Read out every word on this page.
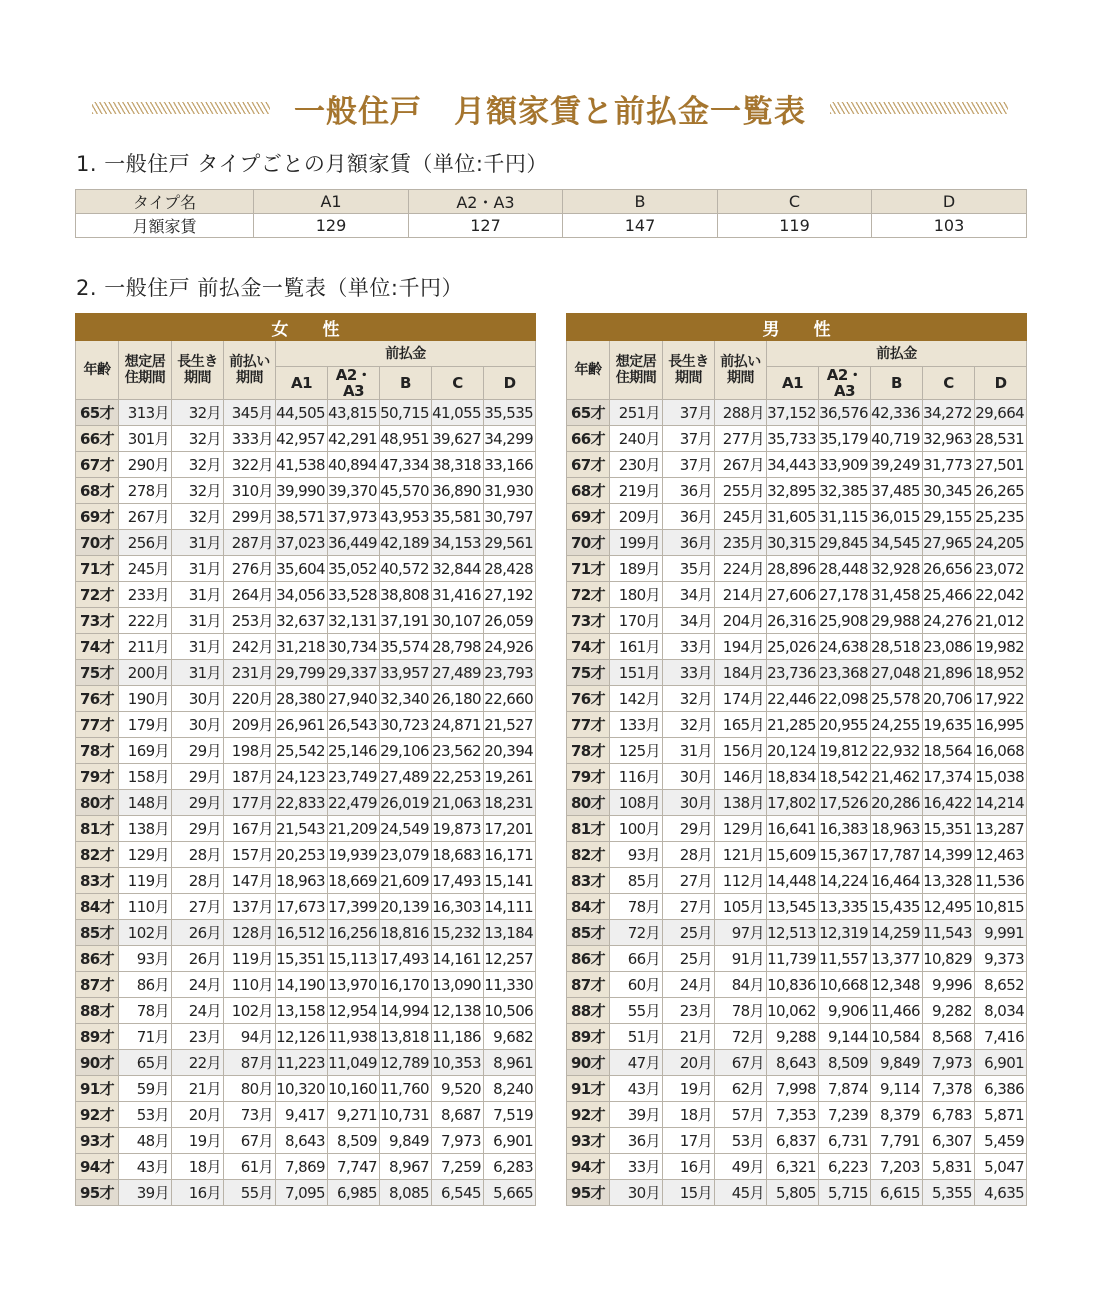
一般住戸　月額家賃と前払金一覧表
1. 一般住戸 タイプごとの月額家賃（単位:千円）
タイプ名	A1	A2・A3	B	C	D
月額家賃	129	127	147	119	103
2. 一般住戸 前払金一覧表（単位:千円）
女　　性								
年齢	想定居住期間	長生き期間	前払い期間	前払金				
				A1	A2・A3	B	C	D
65才	313月	32月	345月	44,505	43,815	50,715	41,055	35,535
66才	301月	32月	333月	42,957	42,291	48,951	39,627	34,299
67才	290月	32月	322月	41,538	40,894	47,334	38,318	33,166
68才	278月	32月	310月	39,990	39,370	45,570	36,890	31,930
69才	267月	32月	299月	38,571	37,973	43,953	35,581	30,797
70才	256月	31月	287月	37,023	36,449	42,189	34,153	29,561
71才	245月	31月	276月	35,604	35,052	40,572	32,844	28,428
72才	233月	31月	264月	34,056	33,528	38,808	31,416	27,192
73才	222月	31月	253月	32,637	32,131	37,191	30,107	26,059
74才	211月	31月	242月	31,218	30,734	35,574	28,798	24,926
75才	200月	31月	231月	29,799	29,337	33,957	27,489	23,793
76才	190月	30月	220月	28,380	27,940	32,340	26,180	22,660
77才	179月	30月	209月	26,961	26,543	30,723	24,871	21,527
78才	169月	29月	198月	25,542	25,146	29,106	23,562	20,394
79才	158月	29月	187月	24,123	23,749	27,489	22,253	19,261
80才	148月	29月	177月	22,833	22,479	26,019	21,063	18,231
81才	138月	29月	167月	21,543	21,209	24,549	19,873	17,201
82才	129月	28月	157月	20,253	19,939	23,079	18,683	16,171
83才	119月	28月	147月	18,963	18,669	21,609	17,493	15,141
84才	110月	27月	137月	17,673	17,399	20,139	16,303	14,111
85才	102月	26月	128月	16,512	16,256	18,816	15,232	13,184
86才	93月	26月	119月	15,351	15,113	17,493	14,161	12,257
87才	86月	24月	110月	14,190	13,970	16,170	13,090	11,330
88才	78月	24月	102月	13,158	12,954	14,994	12,138	10,506
89才	71月	23月	94月	12,126	11,938	13,818	11,186	9,682
90才	65月	22月	87月	11,223	11,049	12,789	10,353	8,961
91才	59月	21月	80月	10,320	10,160	11,760	9,520	8,240
92才	53月	20月	73月	9,417	9,271	10,731	8,687	7,519
93才	48月	19月	67月	8,643	8,509	9,849	7,973	6,901
94才	43月	18月	61月	7,869	7,747	8,967	7,259	6,283
95才	39月	16月	55月	7,095	6,985	8,085	6,545	5,665
男　　性								
年齢	想定居住期間	長生き期間	前払い期間	前払金				
				A1	A2・A3	B	C	D
65才	251月	37月	288月	37,152	36,576	42,336	34,272	29,664
66才	240月	37月	277月	35,733	35,179	40,719	32,963	28,531
67才	230月	37月	267月	34,443	33,909	39,249	31,773	27,501
68才	219月	36月	255月	32,895	32,385	37,485	30,345	26,265
69才	209月	36月	245月	31,605	31,115	36,015	29,155	25,235
70才	199月	36月	235月	30,315	29,845	34,545	27,965	24,205
71才	189月	35月	224月	28,896	28,448	32,928	26,656	23,072
72才	180月	34月	214月	27,606	27,178	31,458	25,466	22,042
73才	170月	34月	204月	26,316	25,908	29,988	24,276	21,012
74才	161月	33月	194月	25,026	24,638	28,518	23,086	19,982
75才	151月	33月	184月	23,736	23,368	27,048	21,896	18,952
76才	142月	32月	174月	22,446	22,098	25,578	20,706	17,922
77才	133月	32月	165月	21,285	20,955	24,255	19,635	16,995
78才	125月	31月	156月	20,124	19,812	22,932	18,564	16,068
79才	116月	30月	146月	18,834	18,542	21,462	17,374	15,038
80才	108月	30月	138月	17,802	17,526	20,286	16,422	14,214
81才	100月	29月	129月	16,641	16,383	18,963	15,351	13,287
82才	93月	28月	121月	15,609	15,367	17,787	14,399	12,463
83才	85月	27月	112月	14,448	14,224	16,464	13,328	11,536
84才	78月	27月	105月	13,545	13,335	15,435	12,495	10,815
85才	72月	25月	97月	12,513	12,319	14,259	11,543	9,991
86才	66月	25月	91月	11,739	11,557	13,377	10,829	9,373
87才	60月	24月	84月	10,836	10,668	12,348	9,996	8,652
88才	55月	23月	78月	10,062	9,906	11,466	9,282	8,034
89才	51月	21月	72月	9,288	9,144	10,584	8,568	7,416
90才	47月	20月	67月	8,643	8,509	9,849	7,973	6,901
91才	43月	19月	62月	7,998	7,874	9,114	7,378	6,386
92才	39月	18月	57月	7,353	7,239	8,379	6,783	5,871
93才	36月	17月	53月	6,837	6,731	7,791	6,307	5,459
94才	33月	16月	49月	6,321	6,223	7,203	5,831	5,047
95才	30月	15月	45月	5,805	5,715	6,615	5,355	4,635
